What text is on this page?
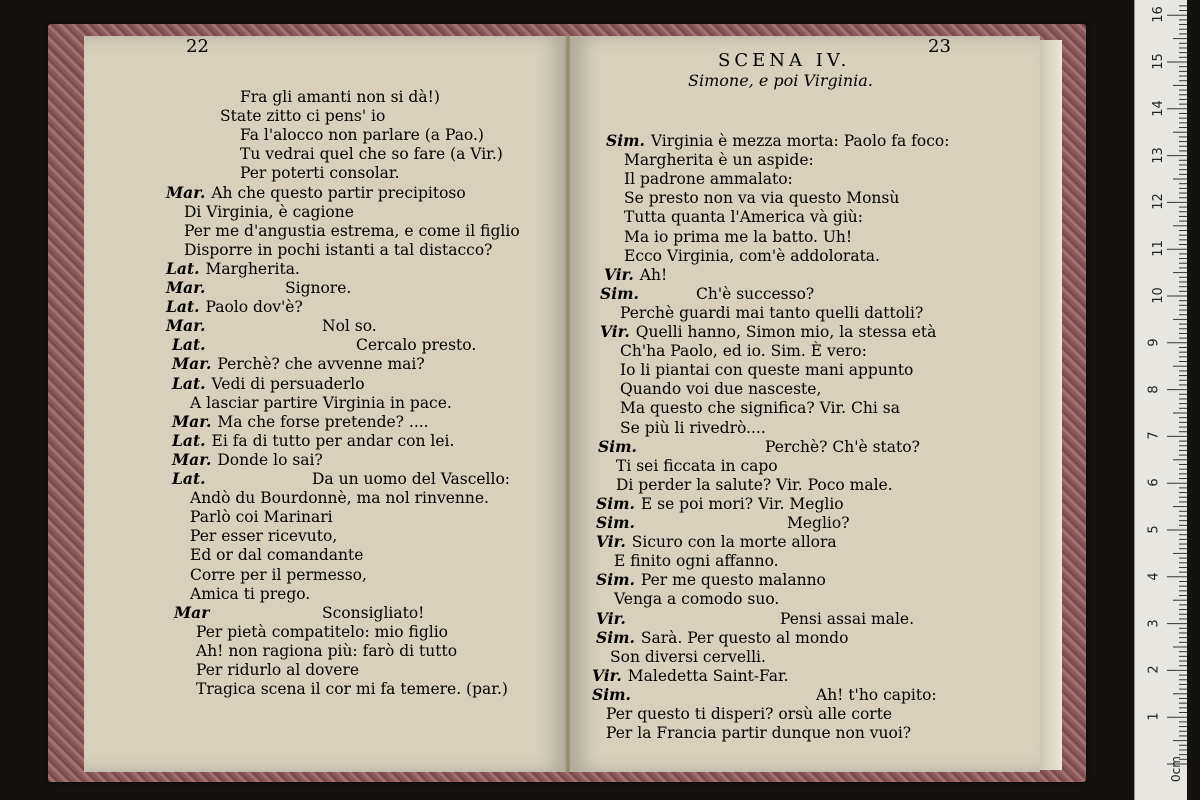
22	23
SCENA IV.
Simone, e poi Virginia.
Fra gli amanti non si dà!)
State zitto ci pens' io
Fa l'alocco non parlare (a Pao.)
Tu vedrai quel che so fare (a Vir.)
Per poterti consolar.
Mar. Ah che questo partir precipitoso
Di Virginia, è cagione
Per me d'angustia estrema, e come il figlio
Disporre in pochi istanti a tal distacco?
Lat. Margherita.
Mar.	Signore.
Lat. Paolo dov'è?
Mar.	Nol so.
Lat.	Cercalo presto.
Mar. Perchè? che avvenne mai?
Lat. Vedi di persuaderlo
A lasciar partire Virginia in pace.
Mar. Ma che forse pretende? ....
Lat. Ei fa di tutto per andar con lei.
Mar. Donde lo sai?
Lat.	Da un uomo del Vascello:
Andò du Bourdonnè, ma nol rinvenne.
Parlò coi Marinari
Per esser ricevuto,
Ed or dal comandante
Corre per il permesso,
Amica ti prego.
Mar	Sconsigliato!
Per pietà compatitelo: mio figlio
Ah! non ragiona più: farò di tutto
Per ridurlo al dovere
Tragica scena il cor mi fa temere. (par.)
Sim. Virginia è mezza morta: Paolo fa foco:
Margherita è un aspide:
Il padrone ammalato:
Se presto non va via questo Monsù
Tutta quanta l'America và giù:
Ma io prima me la batto. Uh!
Ecco Virginia, com'è addolorata.
Vir. Ah!
Sim.	Ch'è successo?
Perchè guardi mai tanto quelli dattoli?
Vir. Quelli hanno, Simon mio, la stessa età
Ch'ha Paolo, ed io. Sim. È vero:
Io li piantai con queste mani appunto
Quando voi due nasceste,
Ma questo che significa? Vir. Chi sa
Se più li rivedrò....
Sim.	Perchè? Ch'è stato?
Ti sei ficcata in capo
Di perder la salute? Vir. Poco male.
Sim. E se poi mori? Vir. Meglio
Sim.	Meglio?
Vir. Sicuro con la morte allora
E finito ogni affanno.
Sim. Per me questo malanno
Venga a comodo suo.
Vir.	Pensi assai male.
Sim. Sarà. Per questo al mondo
Son diversi cervelli.
Vir. Maledetta Saint-Far.
Sim.	Ah! t'ho capito:
Per questo ti disperi? orsù alle corte
Per la Francia partir dunque non vuoi?
16
15
14
13
12
11
10
9
8
7
6
5
4
3
2
1
0cm
